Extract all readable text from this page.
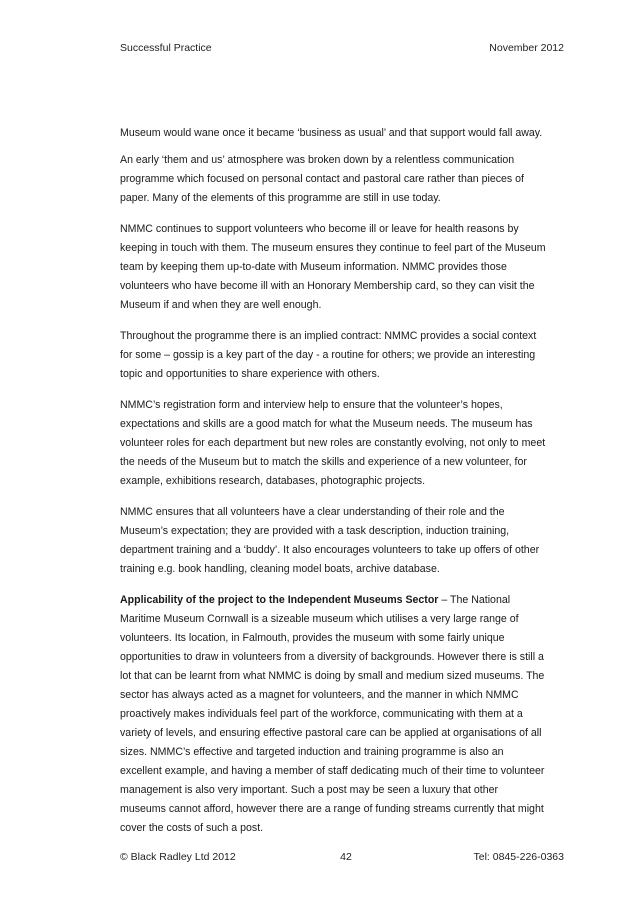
Successful Practice	November 2012

Museum would wane once it became ‘business as usual’ and that support would fall away.

An early ‘them and us’ atmosphere was broken down by a relentless communication programme which focused on personal contact and pastoral care rather than pieces of paper. Many of the elements of this programme are still in use today.

NMMC continues to support volunteers who become ill or leave for health reasons by keeping in touch with them. The museum ensures they continue to feel part of the Museum team by keeping them up-to-date with Museum information. NMMC provides those volunteers who have become ill with an Honorary Membership card, so they can visit the Museum if and when they are well enough.

Throughout the programme there is an implied contract: NMMC provides a social context for some – gossip is a key part of the day - a routine for others; we provide an interesting topic and opportunities to share experience with others.

NMMC’s registration form and interview help to ensure that the volunteer’s hopes, expectations and skills are a good match for what the Museum needs. The museum has volunteer roles for each department but new roles are constantly evolving, not only to meet the needs of the Museum but to match the skills and experience of a new volunteer, for example, exhibitions research, databases, photographic projects.

NMMC ensures that all volunteers have a clear understanding of their role and the Museum’s expectation; they are provided with a task description, induction training, department training and a ‘buddy’. It also encourages volunteers to take up offers of other training e.g. book handling, cleaning model boats, archive database.

Applicability of the project to the Independent Museums Sector – The National Maritime Museum Cornwall is a sizeable museum which utilises a very large range of volunteers. Its location, in Falmouth, provides the museum with some fairly unique opportunities to draw in volunteers from a diversity of backgrounds. However there is still a lot that can be learnt from what NMMC is doing by small and medium sized museums. The sector has always acted as a magnet for volunteers, and the manner in which NMMC proactively makes individuals feel part of the workforce, communicating with them at a variety of levels, and ensuring effective pastoral care can be applied at organisations of all sizes. NMMC’s effective and targeted induction and training programme is also an excellent example, and having a member of staff dedicating much of their time to volunteer management is also very important. Such a post may be seen a luxury that other museums cannot afford, however there are a range of funding streams currently that might cover the costs of such a post.

© Black Radley Ltd 2012	42	Tel: 0845-226-0363
